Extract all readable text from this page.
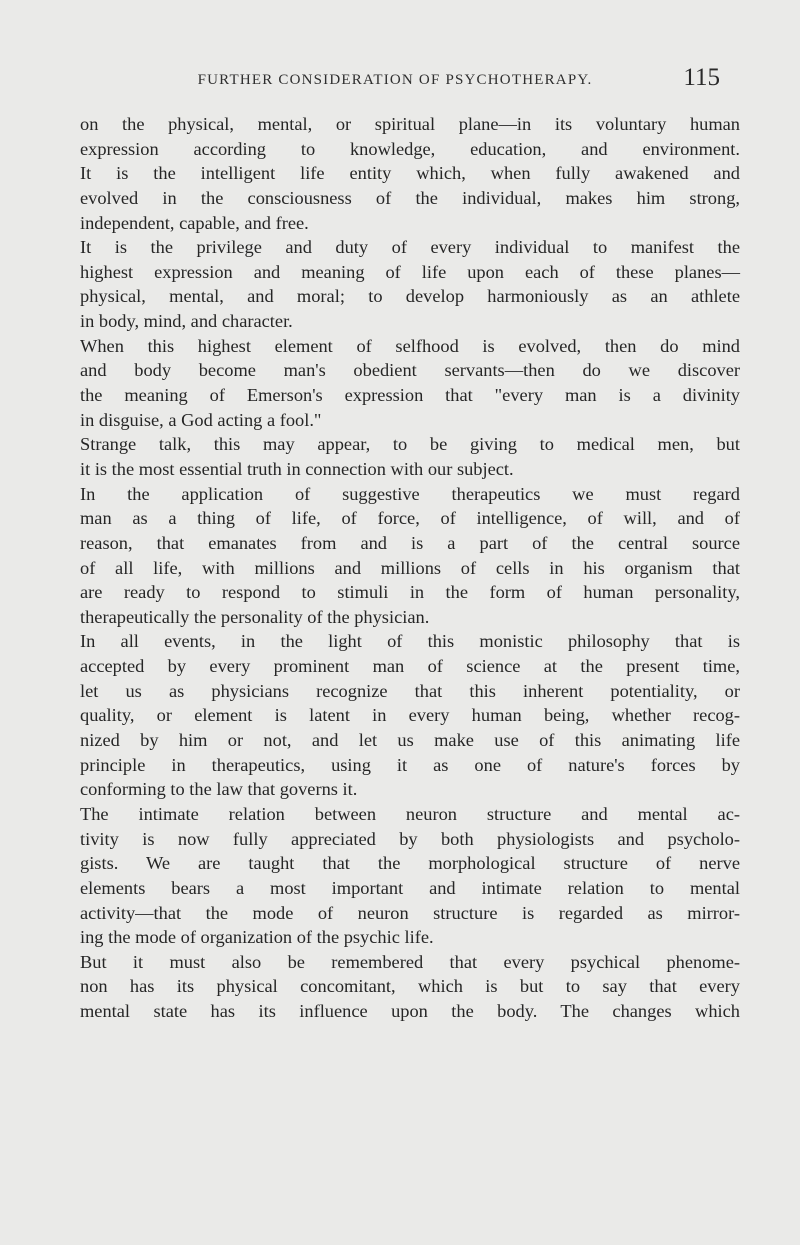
FURTHER CONSIDERATION OF PSYCHOTHERAPY.	115
on the physical, mental, or spiritual plane—in its voluntary human
expression according to knowledge, education, and environment.
It is the intelligent life entity which, when fully awakened and
evolved in the consciousness of the individual, makes him strong,
independent, capable, and free.
It is the privilege and duty of every individual to manifest the
highest expression and meaning of life upon each of these planes—
physical, mental, and moral; to develop harmoniously as an athlete
in body, mind, and character.
When this highest element of selfhood is evolved, then do mind
and body become man's obedient servants—then do we discover
the meaning of Emerson's expression that "every man is a divinity
in disguise, a God acting a fool."
Strange talk, this may appear, to be giving to medical men, but
it is the most essential truth in connection with our subject.
In the application of suggestive therapeutics we must regard
man as a thing of life, of force, of intelligence, of will, and of
reason, that emanates from and is a part of the central source
of all life, with millions and millions of cells in his organism that
are ready to respond to stimuli in the form of human personality,
therapeutically the personality of the physician.
In all events, in the light of this monistic philosophy that is
accepted by every prominent man of science at the present time,
let us as physicians recognize that this inherent potentiality, or
quality, or element is latent in every human being, whether recog-
nized by him or not, and let us make use of this animating life
principle in therapeutics, using it as one of nature's forces by
conforming to the law that governs it.
The intimate relation between neuron structure and mental ac-
tivity is now fully appreciated by both physiologists and psycholo-
gists. We are taught that the morphological structure of nerve
elements bears a most important and intimate relation to mental
activity—that the mode of neuron structure is regarded as mirror-
ing the mode of organization of the psychic life.
But it must also be remembered that every psychical phenome-
non has its physical concomitant, which is but to say that every
mental state has its influence upon the body. The changes which
